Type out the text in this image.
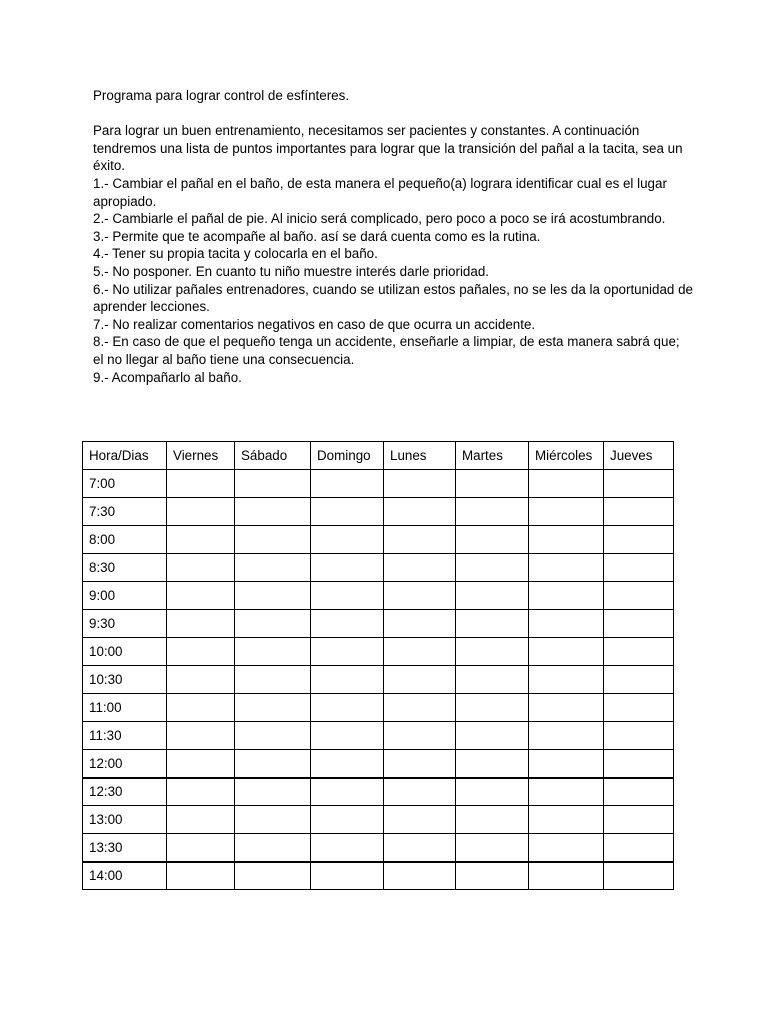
Programa para lograr control de esfínteres.

Para lograr un buen entrenamiento, necesitamos ser pacientes y constantes. A continuación tendremos una lista de puntos importantes para lograr que la transición del pañal a la tacita, sea un éxito.

1.- Cambiar el pañal en el baño, de esta manera el pequeño(a) lograra identificar cual es el lugar apropiado.

2.- Cambiarle el pañal de pie. Al inicio será complicado, pero poco a poco se irá acostumbrando.

3.- Permite que te acompañe al baño. así se dará cuenta como es la rutina.

4.- Tener su propia tacita y colocarla en el baño.

5.- No posponer. En cuanto tu niño muestre interés darle prioridad.

6.- No utilizar pañales entrenadores, cuando se utilizan estos pañales, no se les da la oportunidad de aprender lecciones.

7.- No realizar comentarios negativos en caso de que ocurra un accidente.

8.- En caso de que el pequeño tenga un accidente, enseñarle a limpiar, de esta manera sabrá que; el no llegar al baño tiene una consecuencia.

9.- Acompañarlo al baño.

Hora/Dias	Viernes	Sábado	Domingo	Lunes	Martes	Miércoles	Jueves
7:00							
7:30							
8:00							
8:30							
9:00							
9:30							
10:00							
10:30							
11:00							
11:30							
12:00							
12:30							
13:00							
13:30							
14:00							
